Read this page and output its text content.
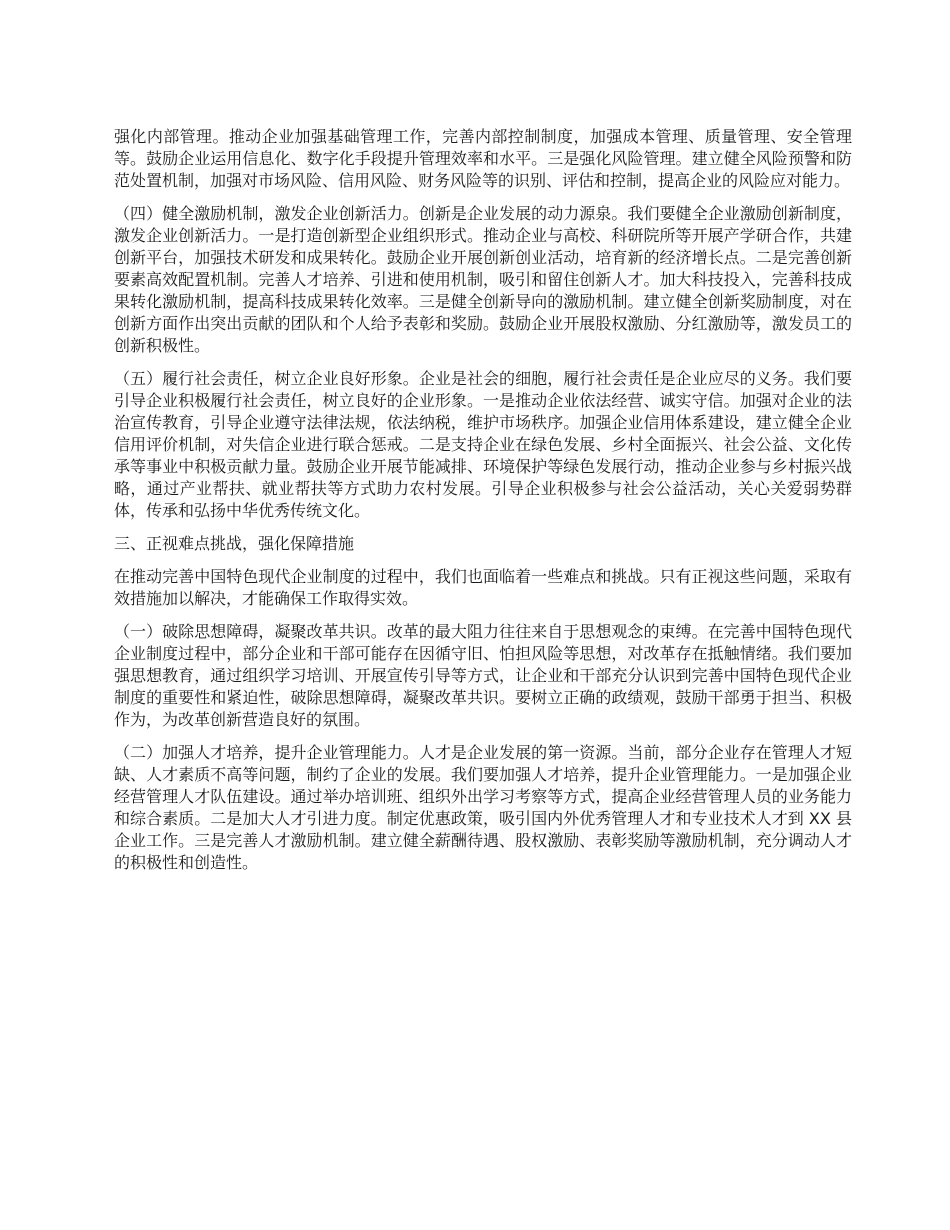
强化内部管理。推动企业加强基础管理工作，完善内部控制制度，加强成本管理、质量管理、安全管理等。鼓励企业运用信息化、数字化手段提升管理效率和水平。三是强化风险管理。建立健全风险预警和防范处置机制，加强对市场风险、信用风险、财务风险等的识别、评估和控制，提高企业的风险应对能力。

（四）健全激励机制，激发企业创新活力。创新是企业发展的动力源泉。我们要健全企业激励创新制度，激发企业创新活力。一是打造创新型企业组织形式。推动企业与高校、科研院所等开展产学研合作，共建创新平台，加强技术研发和成果转化。鼓励企业开展创新创业活动，培育新的经济增长点。二是完善创新要素高效配置机制。完善人才培养、引进和使用机制，吸引和留住创新人才。加大科技投入，完善科技成果转化激励机制，提高科技成果转化效率。三是健全创新导向的激励机制。建立健全创新奖励制度，对在创新方面作出突出贡献的团队和个人给予表彰和奖励。鼓励企业开展股权激励、分红激励等，激发员工的创新积极性。

（五）履行社会责任，树立企业良好形象。企业是社会的细胞，履行社会责任是企业应尽的义务。我们要引导企业积极履行社会责任，树立良好的企业形象。一是推动企业依法经营、诚实守信。加强对企业的法治宣传教育，引导企业遵守法律法规，依法纳税，维护市场秩序。加强企业信用体系建设，建立健全企业信用评价机制，对失信企业进行联合惩戒。二是支持企业在绿色发展、乡村全面振兴、社会公益、文化传承等事业中积极贡献力量。鼓励企业开展节能减排、环境保护等绿色发展行动，推动企业参与乡村振兴战略，通过产业帮扶、就业帮扶等方式助力农村发展。引导企业积极参与社会公益活动，关心关爱弱势群体，传承和弘扬中华优秀传统文化。

三、正视难点挑战，强化保障措施

在推动完善中国特色现代企业制度的过程中，我们也面临着一些难点和挑战。只有正视这些问题，采取有效措施加以解决，才能确保工作取得实效。

（一）破除思想障碍，凝聚改革共识。改革的最大阻力往往来自于思想观念的束缚。在完善中国特色现代企业制度过程中，部分企业和干部可能存在因循守旧、怕担风险等思想，对改革存在抵触情绪。我们要加强思想教育，通过组织学习培训、开展宣传引导等方式，让企业和干部充分认识到完善中国特色现代企业制度的重要性和紧迫性，破除思想障碍，凝聚改革共识。要树立正确的政绩观，鼓励干部勇于担当、积极作为，为改革创新营造良好的氛围。

（二）加强人才培养，提升企业管理能力。人才是企业发展的第一资源。当前，部分企业存在管理人才短缺、人才素质不高等问题，制约了企业的发展。我们要加强人才培养，提升企业管理能力。一是加强企业经营管理人才队伍建设。通过举办培训班、组织外出学习考察等方式，提高企业经营管理人员的业务能力和综合素质。二是加大人才引进力度。制定优惠政策，吸引国内外优秀管理人才和专业技术人才到 XX 县企业工作。三是完善人才激励机制。建立健全薪酬待遇、股权激励、表彰奖励等激励机制，充分调动人才的积极性和创造性。
